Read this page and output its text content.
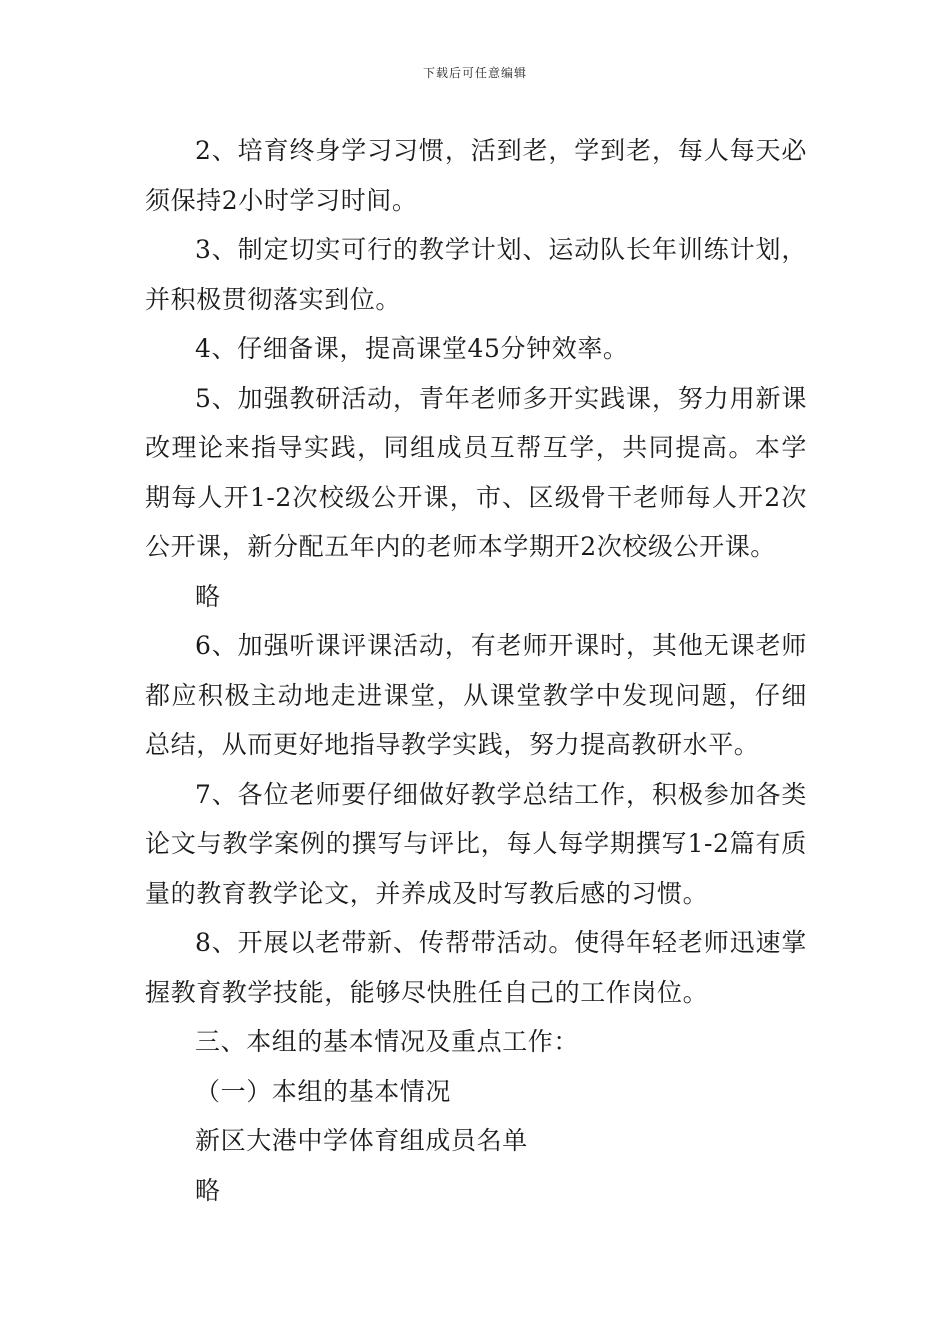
下载后可任意编辑

2、培育终身学习习惯，活到老，学到老，每人每天必须保持2小时学习时间。

3、制定切实可行的教学计划、运动队长年训练计划，并积极贯彻落实到位。

4、仔细备课，提高课堂45分钟效率。

5、加强教研活动，青年老师多开实践课，努力用新课改理论来指导实践，同组成员互帮互学，共同提高。本学期每人开1-2次校级公开课，市、区级骨干老师每人开2次公开课，新分配五年内的老师本学期开2次校级公开课。

略

6、加强听课评课活动，有老师开课时，其他无课老师都应积极主动地走进课堂，从课堂教学中发现问题，仔细总结，从而更好地指导教学实践，努力提高教研水平。

7、各位老师要仔细做好教学总结工作，积极参加各类论文与教学案例的撰写与评比，每人每学期撰写1-2篇有质量的教育教学论文，并养成及时写教后感的习惯。

8、开展以老带新、传帮带活动。使得年轻老师迅速掌握教育教学技能，能够尽快胜任自己的工作岗位。

三、本组的基本情况及重点工作：

（一）本组的基本情况

新区大港中学体育组成员名单

略
